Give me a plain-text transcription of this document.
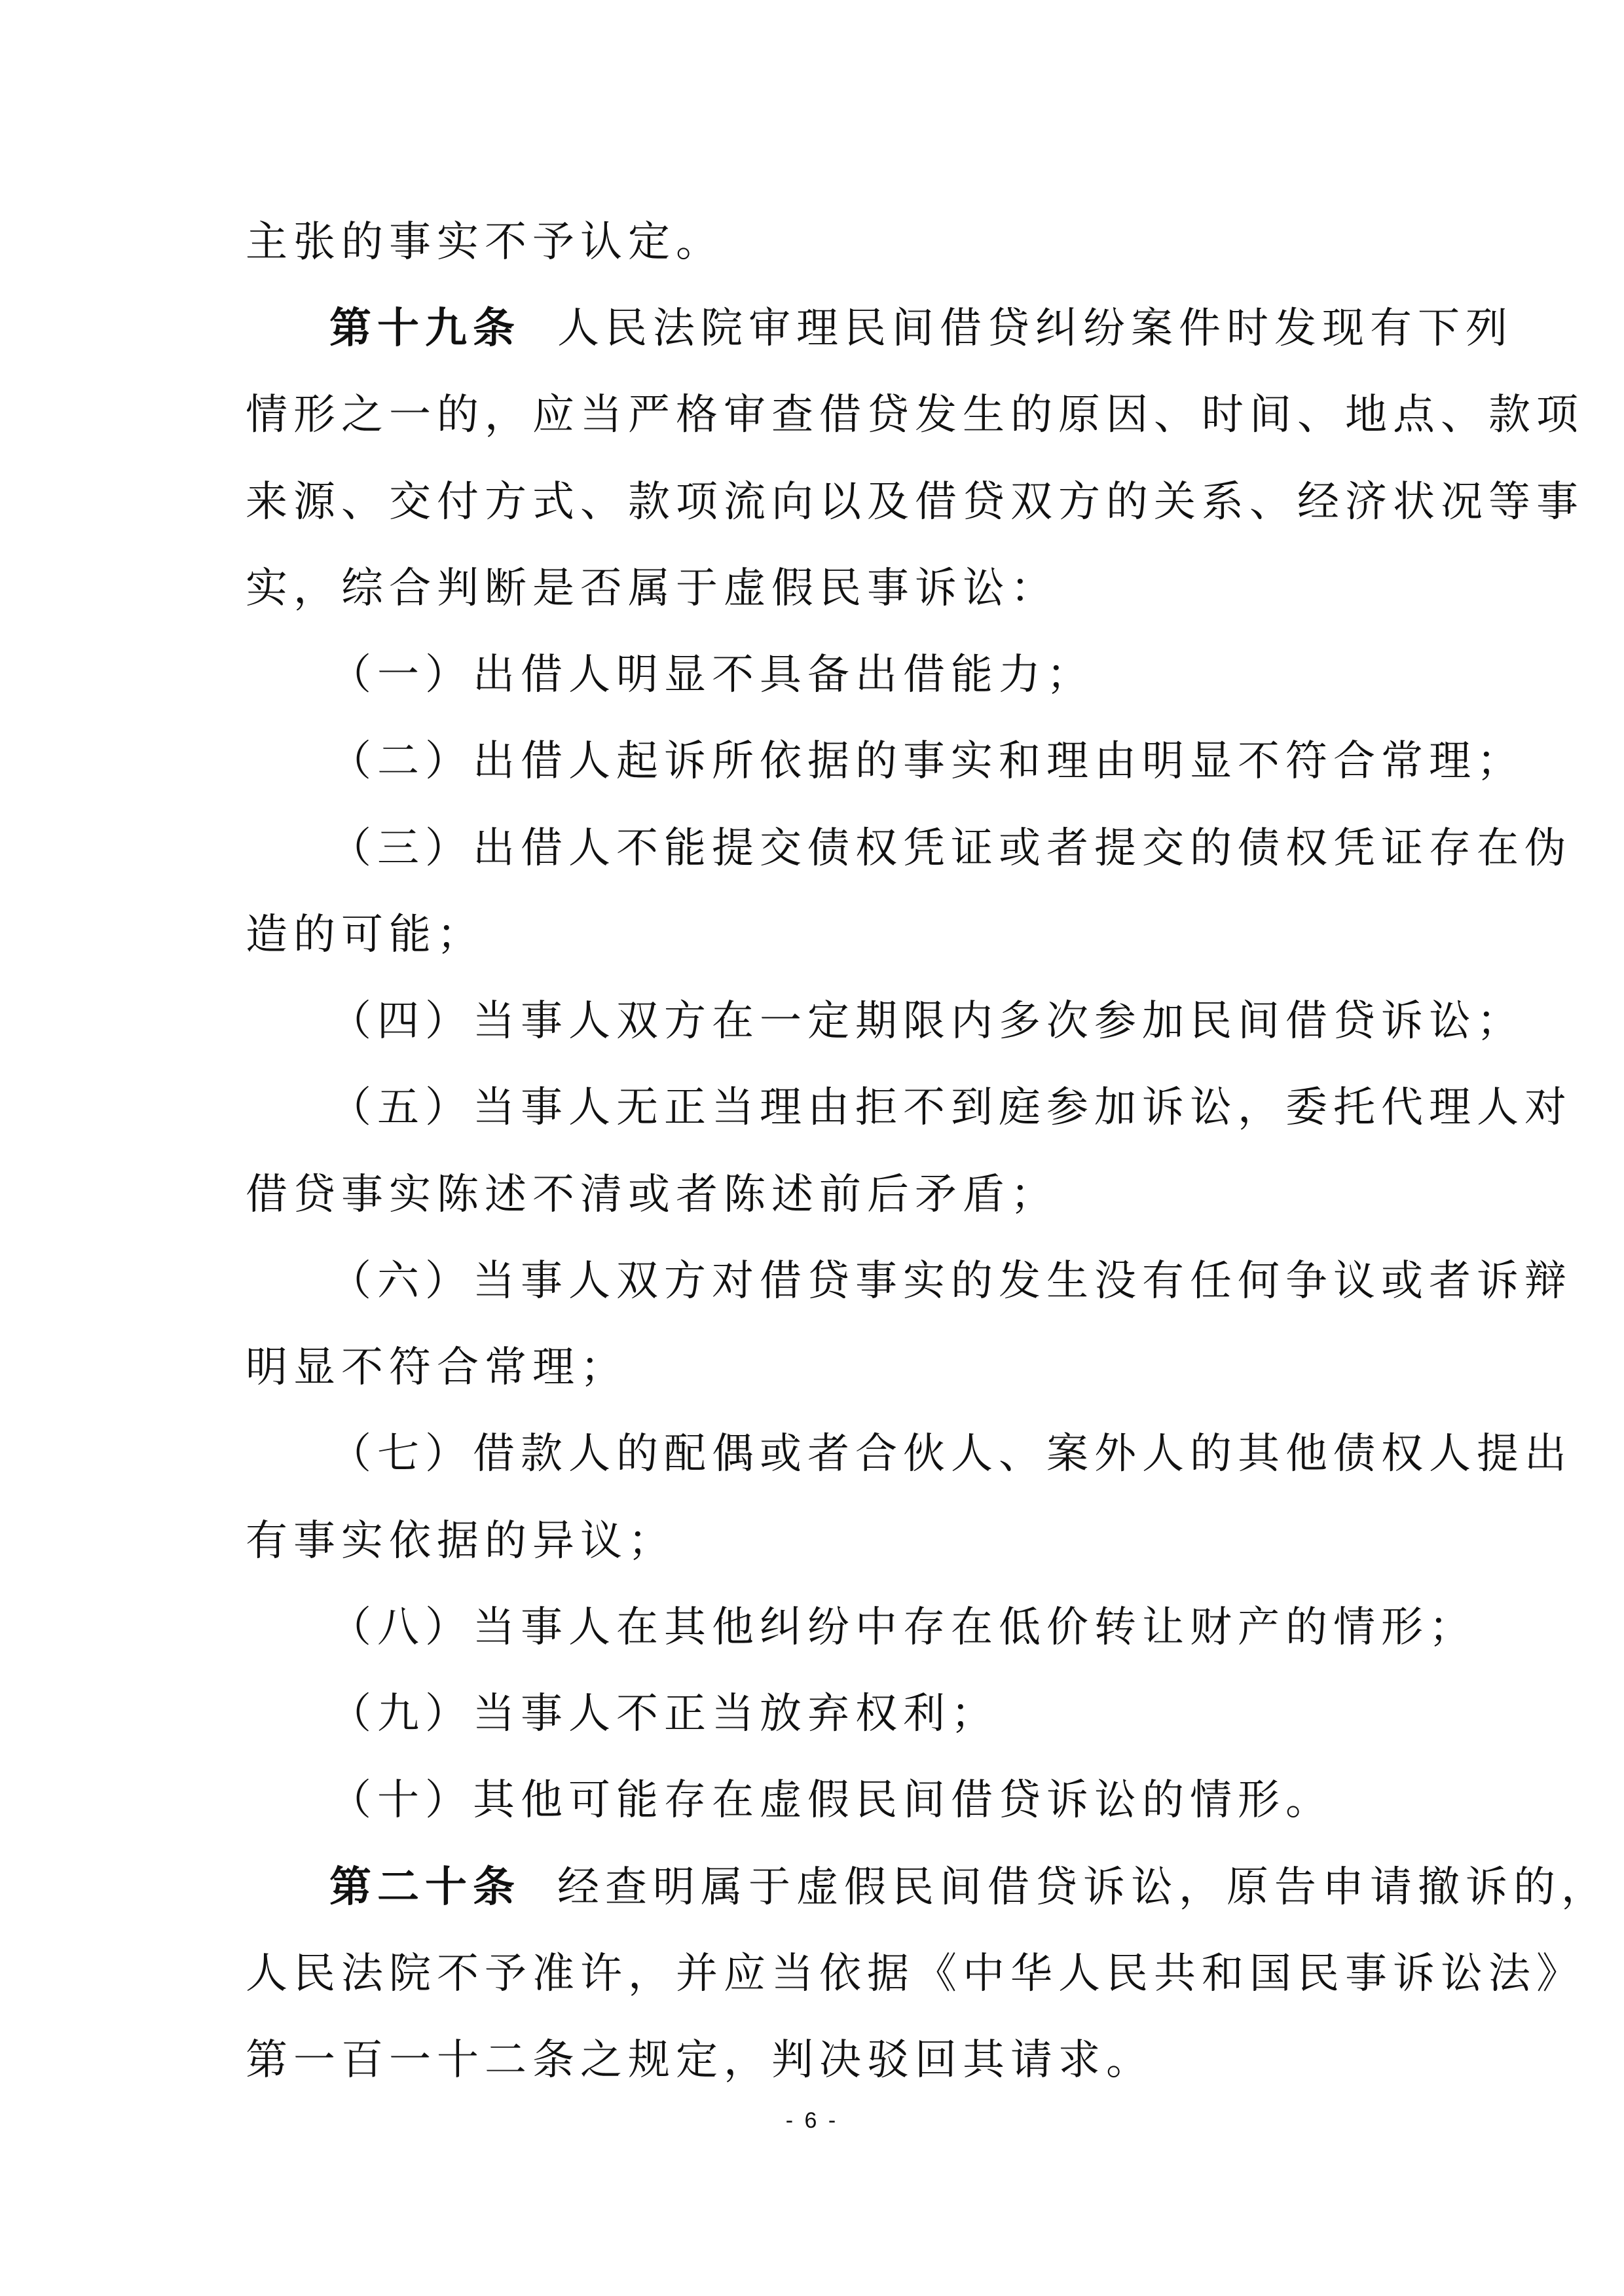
主张的事实不予认定。
第十九条 人民法院审理民间借贷纠纷案件时发现有下列
情形之一的，应当严格审查借贷发生的原因、时间、地点、款项
来源、交付方式、款项流向以及借贷双方的关系、经济状况等事
实，综合判断是否属于虚假民事诉讼：
（一）出借人明显不具备出借能力；
（二）出借人起诉所依据的事实和理由明显不符合常理；
（三）出借人不能提交债权凭证或者提交的债权凭证存在伪
造的可能；
（四）当事人双方在一定期限内多次参加民间借贷诉讼；
（五）当事人无正当理由拒不到庭参加诉讼，委托代理人对
借贷事实陈述不清或者陈述前后矛盾；
（六）当事人双方对借贷事实的发生没有任何争议或者诉辩
明显不符合常理；
（七）借款人的配偶或者合伙人、案外人的其他债权人提出
有事实依据的异议；
（八）当事人在其他纠纷中存在低价转让财产的情形；
（九）当事人不正当放弃权利；
（十）其他可能存在虚假民间借贷诉讼的情形。
第二十条 经查明属于虚假民间借贷诉讼，原告申请撤诉的，
人民法院不予准许，并应当依据《中华人民共和国民事诉讼法》
第一百一十二条之规定，判决驳回其请求。
- 6 -
